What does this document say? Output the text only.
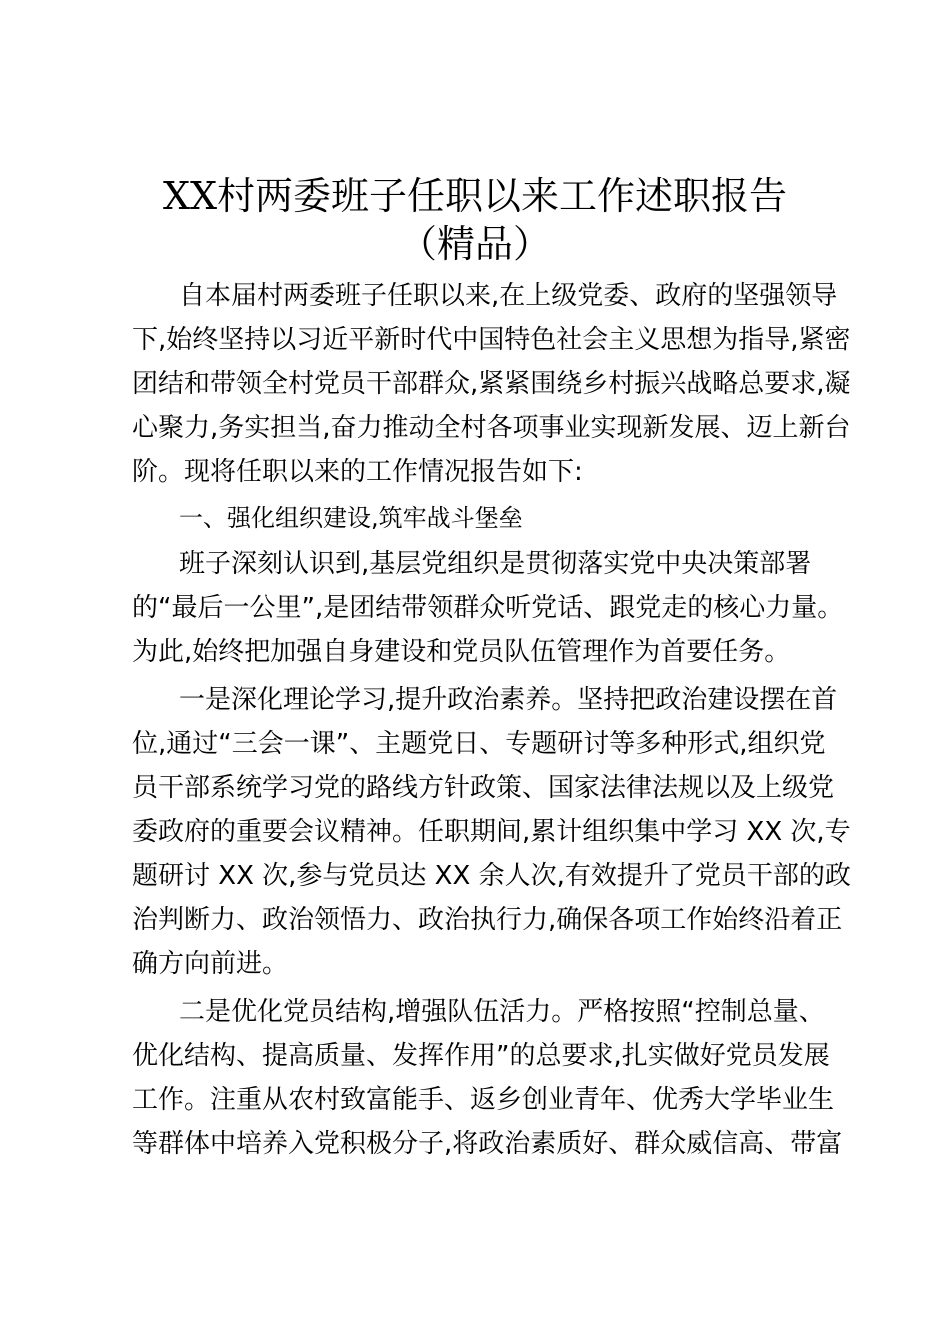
XX村两委班子任职以来工作述职报告
（精品）

自本届村两委班子任职以来,在上级党委、政府的坚强领导

下,始终坚持以习近平新时代中国特色社会主义思想为指导,紧密

团结和带领全村党员干部群众,紧紧围绕乡村振兴战略总要求,凝

心聚力,务实担当,奋力推动全村各项事业实现新发展、迈上新台

阶。现将任职以来的工作情况报告如下:

一、强化组织建设,筑牢战斗堡垒

班子深刻认识到,基层党组织是贯彻落实党中央决策部署

的“最后一公里”,是团结带领群众听党话、跟党走的核心力量。

为此,始终把加强自身建设和党员队伍管理作为首要任务。

一是深化理论学习,提升政治素养。坚持把政治建设摆在首

位,通过“三会一课”、主题党日、专题研讨等多种形式,组织党

员干部系统学习党的路线方针政策、国家法律法规以及上级党

委政府的重要会议精神。任职期间,累计组织集中学习 XX 次,专

题研讨 XX 次,参与党员达 XX 余人次,有效提升了党员干部的政

治判断力、政治领悟力、政治执行力,确保各项工作始终沿着正

确方向前进。

二是优化党员结构,增强队伍活力。严格按照“控制总量、

优化结构、提高质量、发挥作用”的总要求,扎实做好党员发展

工作。注重从农村致富能手、返乡创业青年、优秀大学毕业生

等群体中培养入党积极分子,将政治素质好、群众威信高、带富
